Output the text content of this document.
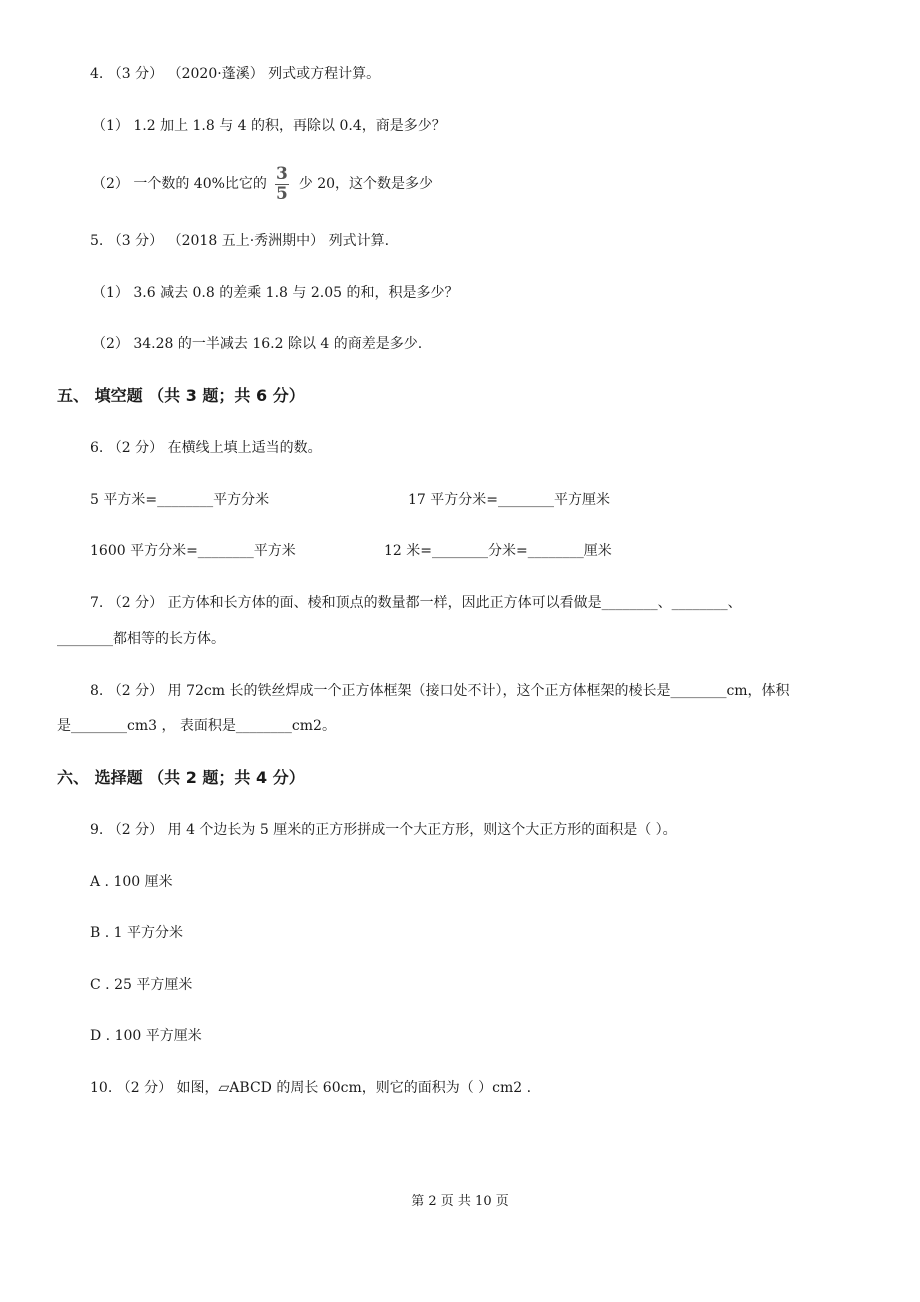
4. （3 分） （2020·蓬溪） 列式或方程计算。
（1） 1.2 加上 1.8 与 4 的积，再除以 0.4，商是多少？
（2） 一个数的 40%比它的 $\frac{3}{5}$ 少 20，这个数是多少
5. （3 分） （2018 五上·秀洲期中） 列式计算.
（1） 3.6 减去 0.8 的差乘 1.8 与 2.05 的和，积是多少？
（2） 34.28 的一半减去 16.2 除以 4 的商差是多少.
五、 填空题 （共 3 题；共 6 分）
6. （2 分） 在横线上填上适当的数。
5 平方米=________平方分米	17 平方分米=________平方厘米
1600 平方分米=________平方米	12 米=________分米=________厘米
7. （2 分） 正方体和长方体的面、棱和顶点的数量都一样，因此正方体可以看做是________、________、
________都相等的长方体。
8. （2 分） 用 72cm 长的铁丝焊成一个正方体框架（接口处不计），这个正方体框架的棱长是________cm，体积
是________cm3 ， 表面积是________cm2。
六、 选择题 （共 2 题；共 4 分）
9. （2 分） 用 4 个边长为 5 厘米的正方形拼成一个大正方形，则这个大正方形的面积是（ ）。
A . 100 厘米
B . 1 平方分米
C . 25 平方厘米
D . 100 平方厘米
10. （2 分） 如图，▱ABCD 的周长 60cm，则它的面积为（ ）cm2 .
第 2 页 共 10 页
